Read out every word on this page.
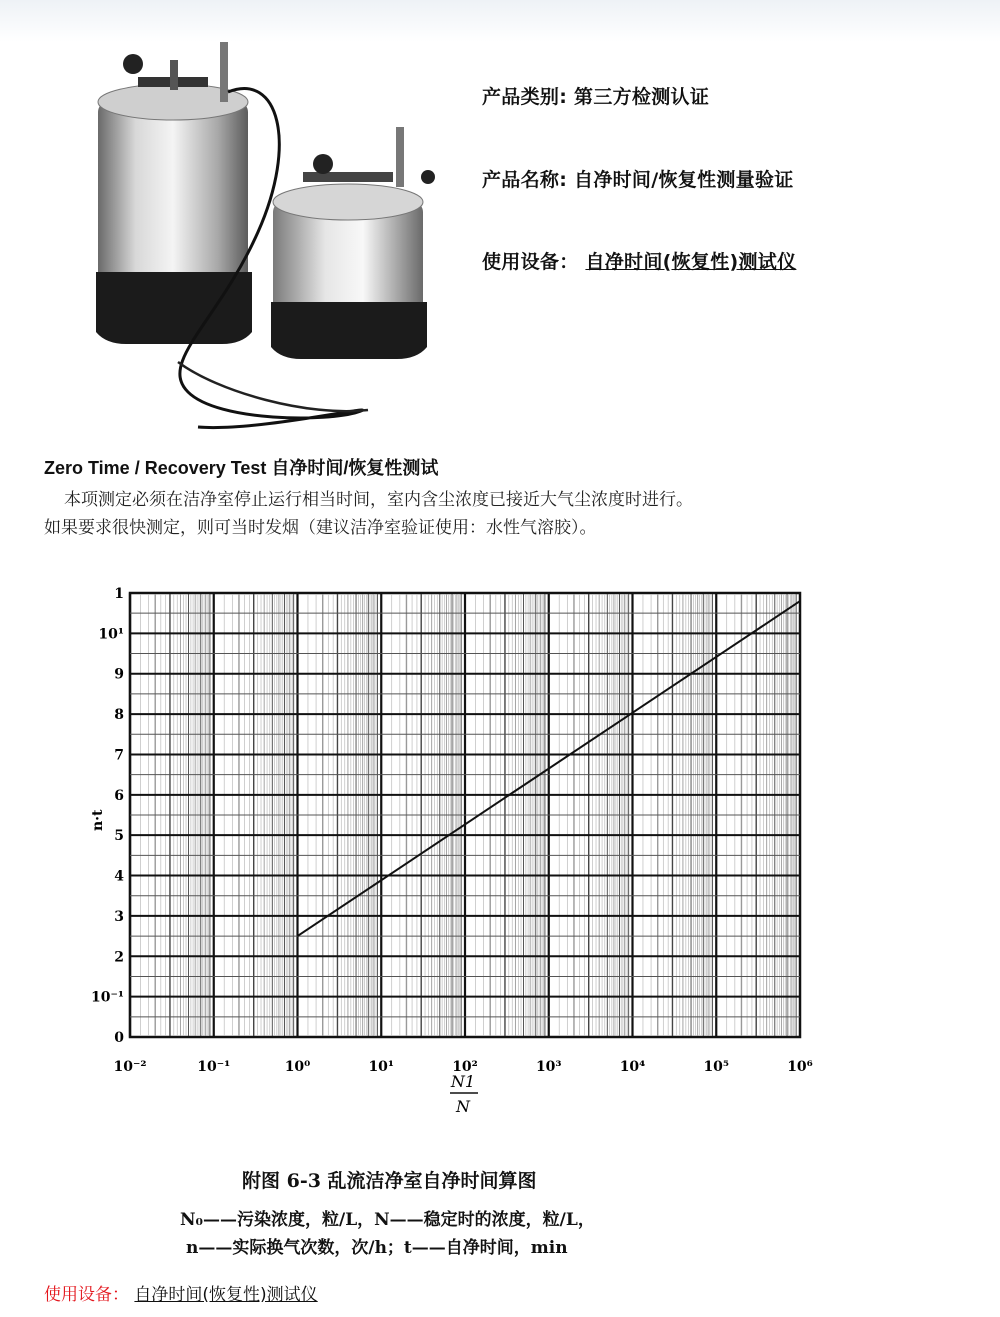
产品类别: 第三方检测认证
产品名称: 自净时间/恢复性测量验证
使用设备： 自净时间(恢复性)测试仪
Zero Time / Recovery Test 自净时间/恢复性测试
本项测定必须在洁净室停止运行相当时间，室内含尘浓度已接近大气尘浓度时进行。
如果要求很快测定，则可当时发烟（建议洁净室验证使用：水性气溶胶）。
10⁻²	10⁻¹	10⁰	10¹	10²	10³	10⁴	10⁵	10⁶
0
10⁻¹
2
3
4
5
6
7
8
9
10¹
1
n·t
N1
N
附图 6-3 乱流洁净室自净时间算图
N₀——污染浓度，粒/L，N——稳定时的浓度，粒/L，
n——实际换气次数，次/h；t——自净时间，min
使用设备： 自净时间(恢复性)测试仪
